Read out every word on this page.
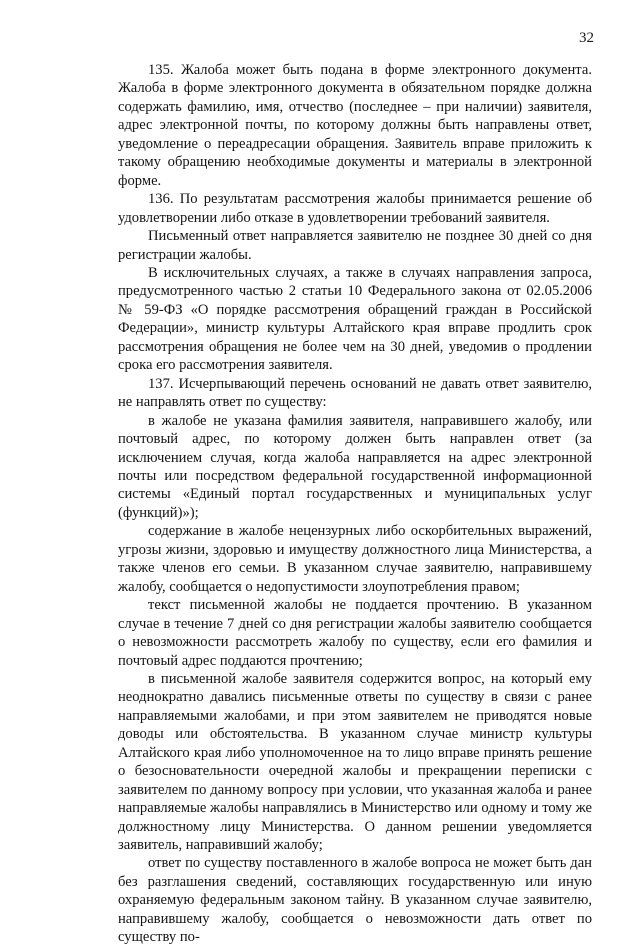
32

135. Жалоба может быть подана в форме электронного документа. Жалоба в форме электронного документа в обязательном порядке должна содержать фамилию, имя, отчество (последнее – при наличии) заявителя, адрес электронной почты, по которому должны быть направлены ответ, уведомление о переадресации обращения. Заявитель вправе приложить к такому обращению необходимые документы и материалы в электронной форме.

136. По результатам рассмотрения жалобы принимается решение об удовлетворении либо отказе в удовлетворении требований заявителя.

Письменный ответ направляется заявителю не позднее 30 дней со дня регистрации жалобы.

В исключительных случаях, а также в случаях направления запроса, предусмотренного частью 2 статьи 10 Федерального закона от 02.05.2006 № 59-ФЗ «О порядке рассмотрения обращений граждан в Российской Федерации», министр культуры Алтайского края вправе продлить срок рассмотрения обращения не более чем на 30 дней, уведомив о продлении срока его рассмотрения заявителя.

137. Исчерпывающий перечень оснований не давать ответ заявителю, не направлять ответ по существу:

в жалобе не указана фамилия заявителя, направившего жалобу, или почтовый адрес, по которому должен быть направлен ответ (за исключением случая, когда жалоба направляется на адрес электронной почты или посредством федеральной государственной информационной системы «Единый портал государственных и муниципальных услуг (функций)»);

содержание в жалобе нецензурных либо оскорбительных выражений, угрозы жизни, здоровью и имуществу должностного лица Министерства, а также членов его семьи. В указанном случае заявителю, направившему жалобу, сообщается о недопустимости злоупотребления правом;

текст письменной жалобы не поддается прочтению. В указанном случае в течение 7 дней со дня регистрации жалобы заявителю сообщается о невозможности рассмотреть жалобу по существу, если его фамилия и почтовый адрес поддаются прочтению;

в письменной жалобе заявителя содержится вопрос, на который ему неоднократно давались письменные ответы по существу в связи с ранее направляемыми жалобами, и при этом заявителем не приводятся новые доводы или обстоятельства. В указанном случае министр культуры Алтайского края либо уполномоченное на то лицо вправе принять решение о безосновательности очередной жалобы и прекращении переписки с заявителем по данному вопросу при условии, что указанная жалоба и ранее направляемые жалобы направлялись в Министерство или одному и тому же должностному лицу Министерства. О данном решении уведомляется заявитель, направивший жалобу;

ответ по существу поставленного в жалобе вопроса не может быть дан без разглашения сведений, составляющих государственную или иную охраняемую федеральным законом тайну. В указанном случае заявителю, направившему жалобу, сообщается о невозможности дать ответ по существу по-
